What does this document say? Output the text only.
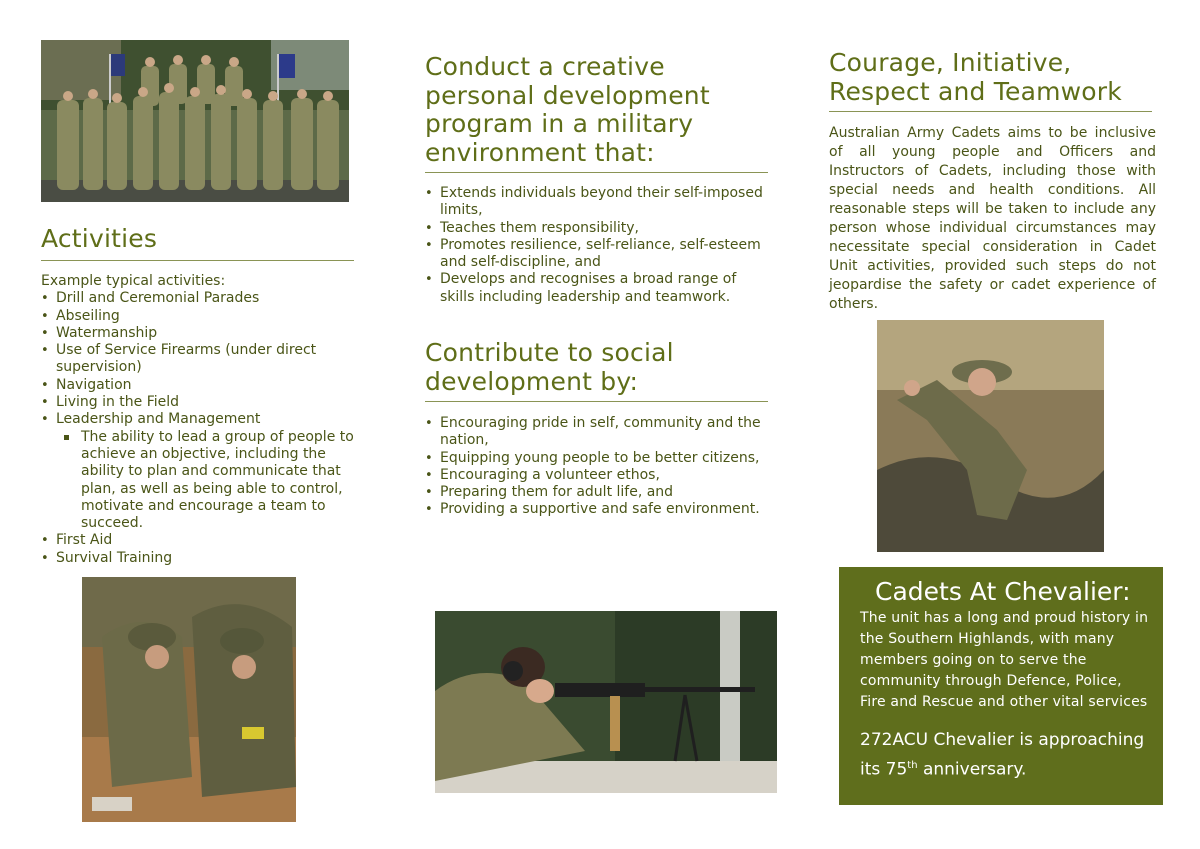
Activities
Example typical activities:
• Drill and Ceremonial Parades
• Abseiling
• Watermanship
• Use of Service Firearms (under direct supervision)
• Navigation
• Living in the Field
• Leadership and Management
The ability to lead a group of people to achieve an objective, including the ability to plan and communicate that plan, as well as being able to control, motivate and encourage a team to succeed.
• First Aid
• Survival Training
Conduct a creative personal development program in a military environment that:
• Extends individuals beyond their self-imposed limits,
• Teaches them responsibility,
• Promotes resilience, self-reliance, self-esteem and self-discipline, and
• Develops and recognises a broad range of skills including leadership and teamwork.
Contribute to social development by:
• Encouraging pride in self, community and the nation,
• Equipping young people to be better citizens,
• Encouraging a volunteer ethos,
• Preparing them for adult life, and
• Providing a supportive and safe environment.
Courage, Initiative, Respect and Teamwork
Australian Army Cadets aims to be inclusive of all young people and Officers and Instructors of Cadets, including those with special needs and health conditions. All reasonable steps will be taken to include any person whose individual circumstances may necessitate special consideration in Cadet Unit activities, provided such steps do not jeopardise the safety or cadet experience of others.
Cadets At Chevalier:
The unit has a long and proud history in the Southern Highlands, with many members going on to serve the community through Defence, Police, Fire and Rescue and other vital services
272ACU Chevalier is approaching its 75th anniversary.
